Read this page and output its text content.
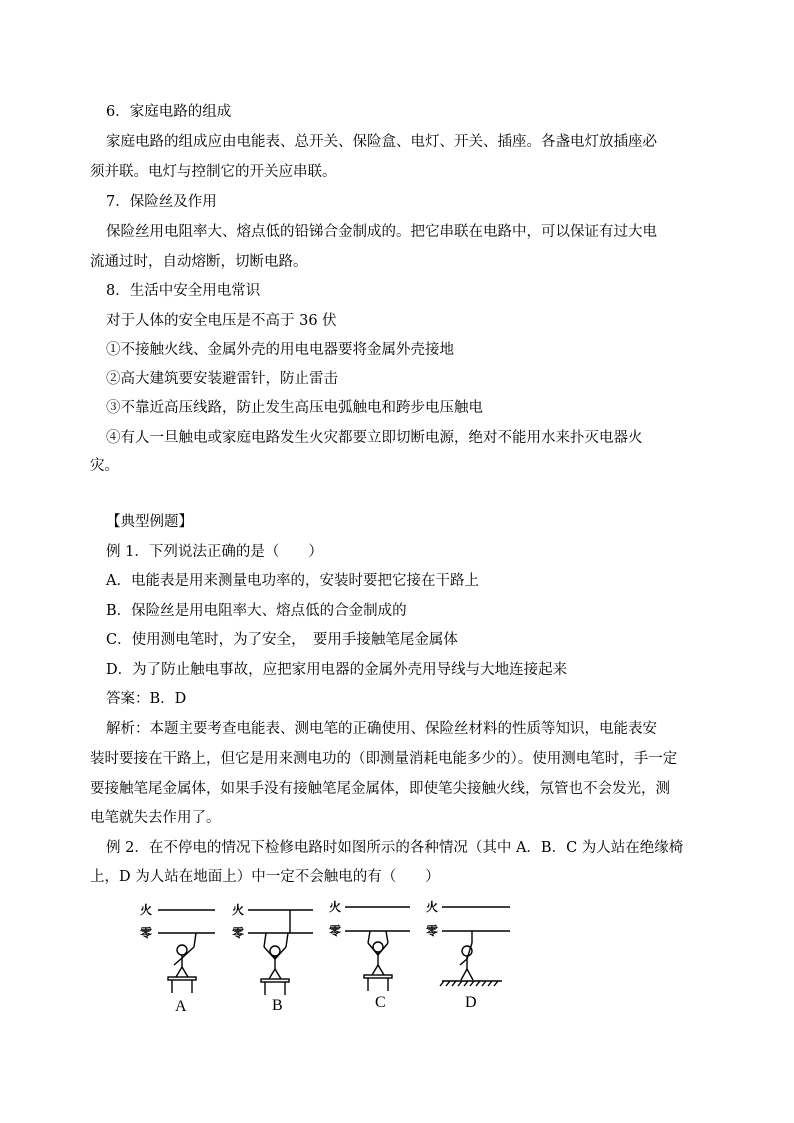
6．家庭电路的组成
家庭电路的组成应由电能表、总开关、保险盒、电灯、开关、插座。各盏电灯放插座必
须并联。电灯与控制它的开关应串联。
7．保险丝及作用
保险丝用电阻率大、熔点低的铅锑合金制成的。把它串联在电路中，可以保证有过大电
流通过时，自动熔断，切断电路。
8．生活中安全用电常识
对于人体的安全电压是不高于 36 伏
①不接触火线、金属外壳的用电电器要将金属外壳接地
②高大建筑要安装避雷针，防止雷击
③不靠近高压线路，防止发生高压电弧触电和跨步电压触电
④有人一旦触电或家庭电路发生火灾都要立即切断电源，绝对不能用水来扑灭电器火
灾。
【典型例题】
例 1．下列说法正确的是（　　）
A．电能表是用来测量电功率的，安装时要把它接在干路上
B．保险丝是用电阻率大、熔点低的合金制成的
C．使用测电笔时，为了安全，　要用手接触笔尾金属体
D．为了防止触电事故，应把家用电器的金属外壳用导线与大地连接起来
答案：B．D
解析：本题主要考查电能表、测电笔的正确使用、保险丝材料的性质等知识，电能表安
装时要接在干路上，但它是用来测电功的（即测量消耗电能多少的）。使用测电笔时，手一定
要接触笔尾金属体，如果手没有接触笔尾金属体，即使笔尖接触火线，氖管也不会发光，测
电笔就失去作用了。
例 2．在不停电的情况下检修电路时如图所示的各种情况（其中 A．B．C 为人站在绝缘椅
上，D 为人站在地面上）中一定不会触电的有（　　）
火
零
火
零
火
零
火
零
A	B	C	D
